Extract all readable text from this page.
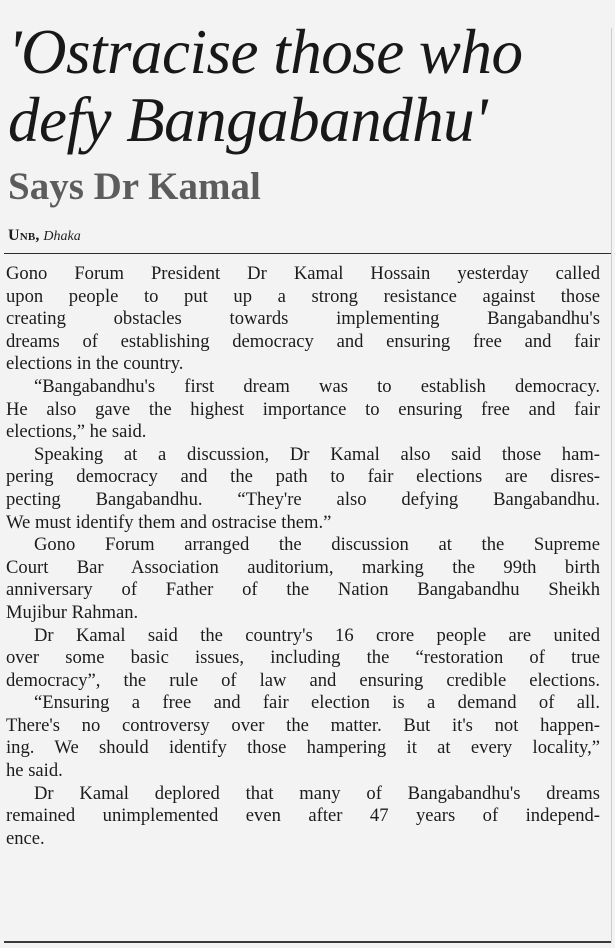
'Ostracise those who
defy Bangabandhu'
Says Dr Kamal
Unb, Dhaka
Gono Forum President Dr Kamal Hossain yesterday called
upon people to put up a strong resistance against those
creating obstacles towards implementing Bangabandhu's
dreams of establishing democracy and ensuring free and fair
elections in the country.
“Bangabandhu's first dream was to establish democracy.
He also gave the highest importance to ensuring free and fair
elections,” he said.
Speaking at a discussion, Dr Kamal also said those ham-
pering democracy and the path to fair elections are disres-
pecting Bangabandhu. “They're also defying Bangabandhu.
We must identify them and ostracise them.”
Gono Forum arranged the discussion at the Supreme
Court Bar Association auditorium, marking the 99th birth
anniversary of Father of the Nation Bangabandhu Sheikh
Mujibur Rahman.
Dr Kamal said the country's 16 crore people are united
over some basic issues, including the “restoration of true
democracy”, the rule of law and ensuring credible elections.
“Ensuring a free and fair election is a demand of all.
There's no controversy over the matter. But it's not happen-
ing. We should identify those hampering it at every locality,”
he said.
Dr Kamal deplored that many of Bangabandhu's dreams
remained unimplemented even after 47 years of independ-
ence.
